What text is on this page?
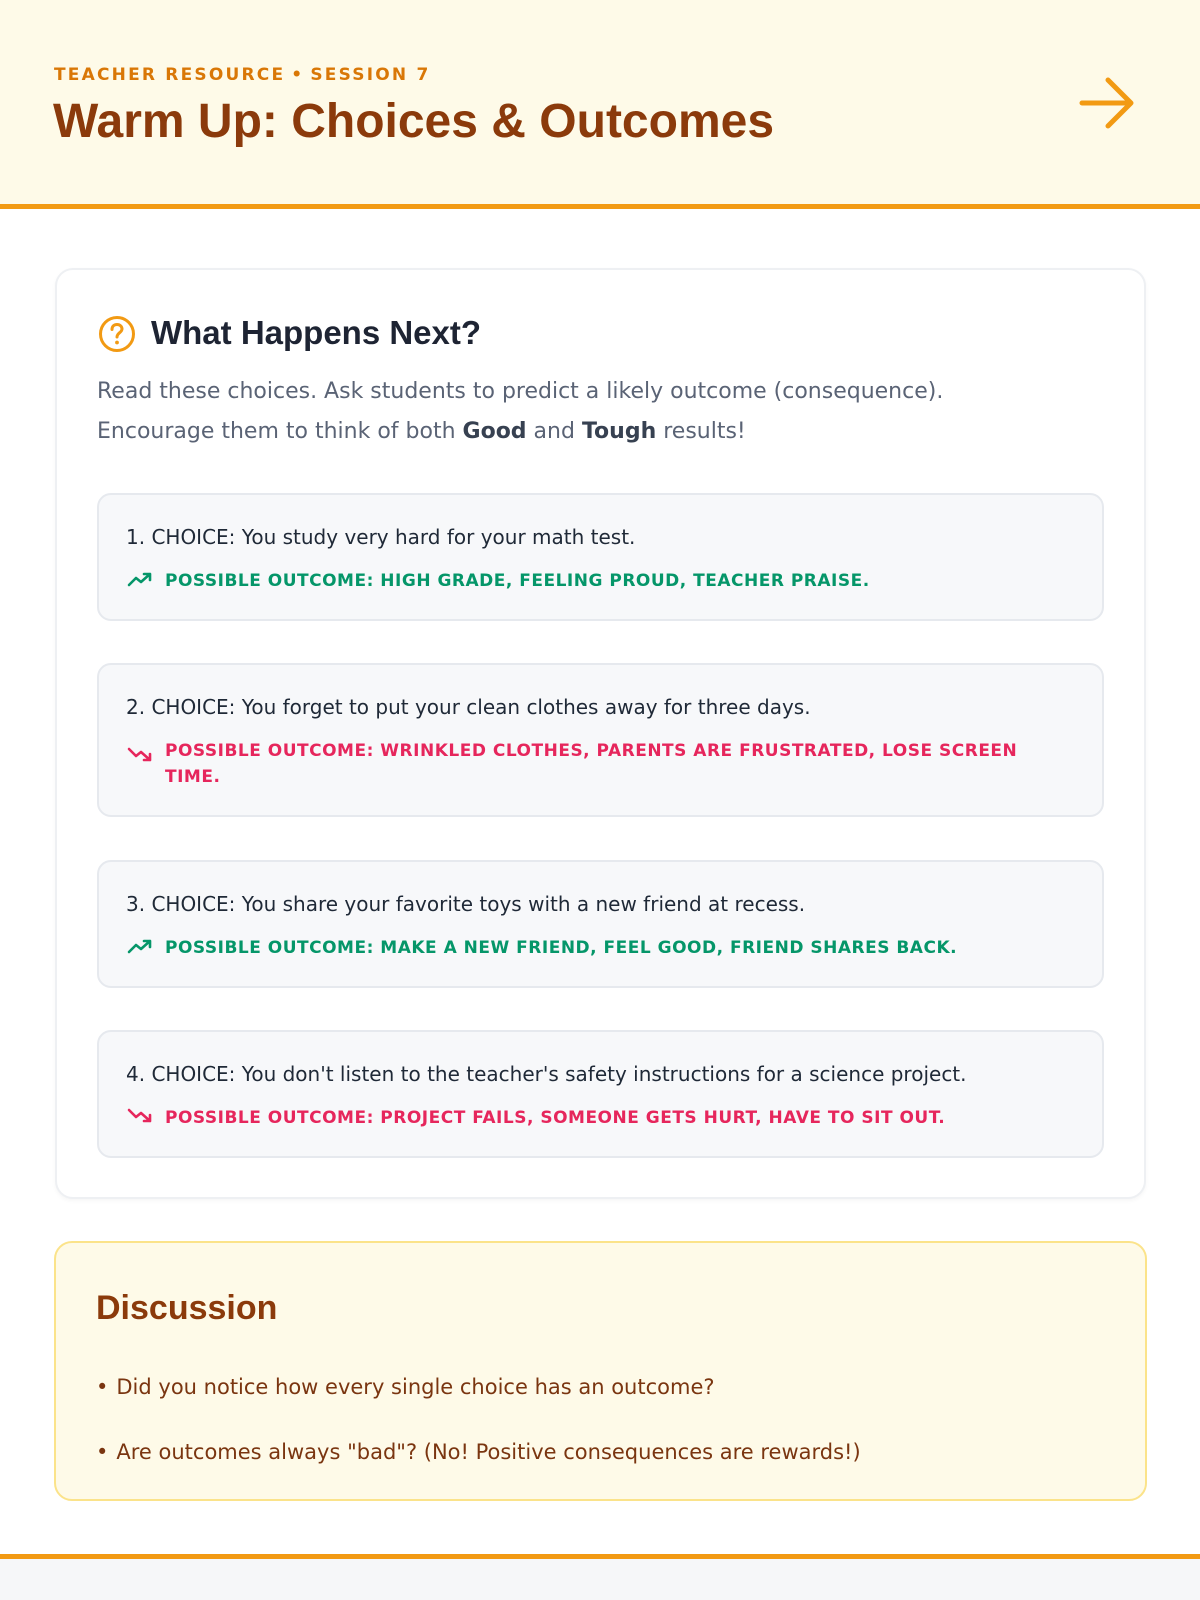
TEACHER RESOURCE • SESSION 7
Warm Up: Choices & Outcomes
What Happens Next?
Read these choices. Ask students to predict a likely outcome (consequence).
Encourage them to think of both Good and Tough results!
1. CHOICE: You study very hard for your math test.
POSSIBLE OUTCOME: HIGH GRADE, FEELING PROUD, TEACHER PRAISE.
2. CHOICE: You forget to put your clean clothes away for three days.
POSSIBLE OUTCOME: WRINKLED CLOTHES, PARENTS ARE FRUSTRATED, LOSE SCREEN TIME.
3. CHOICE: You share your favorite toys with a new friend at recess.
POSSIBLE OUTCOME: MAKE A NEW FRIEND, FEEL GOOD, FRIEND SHARES BACK.
4. CHOICE: You don't listen to the teacher's safety instructions for a science project.
POSSIBLE OUTCOME: PROJECT FAILS, SOMEONE GETS HURT, HAVE TO SIT OUT.
Discussion
• Did you notice how every single choice has an outcome?
• Are outcomes always "bad"? (No! Positive consequences are rewards!)
